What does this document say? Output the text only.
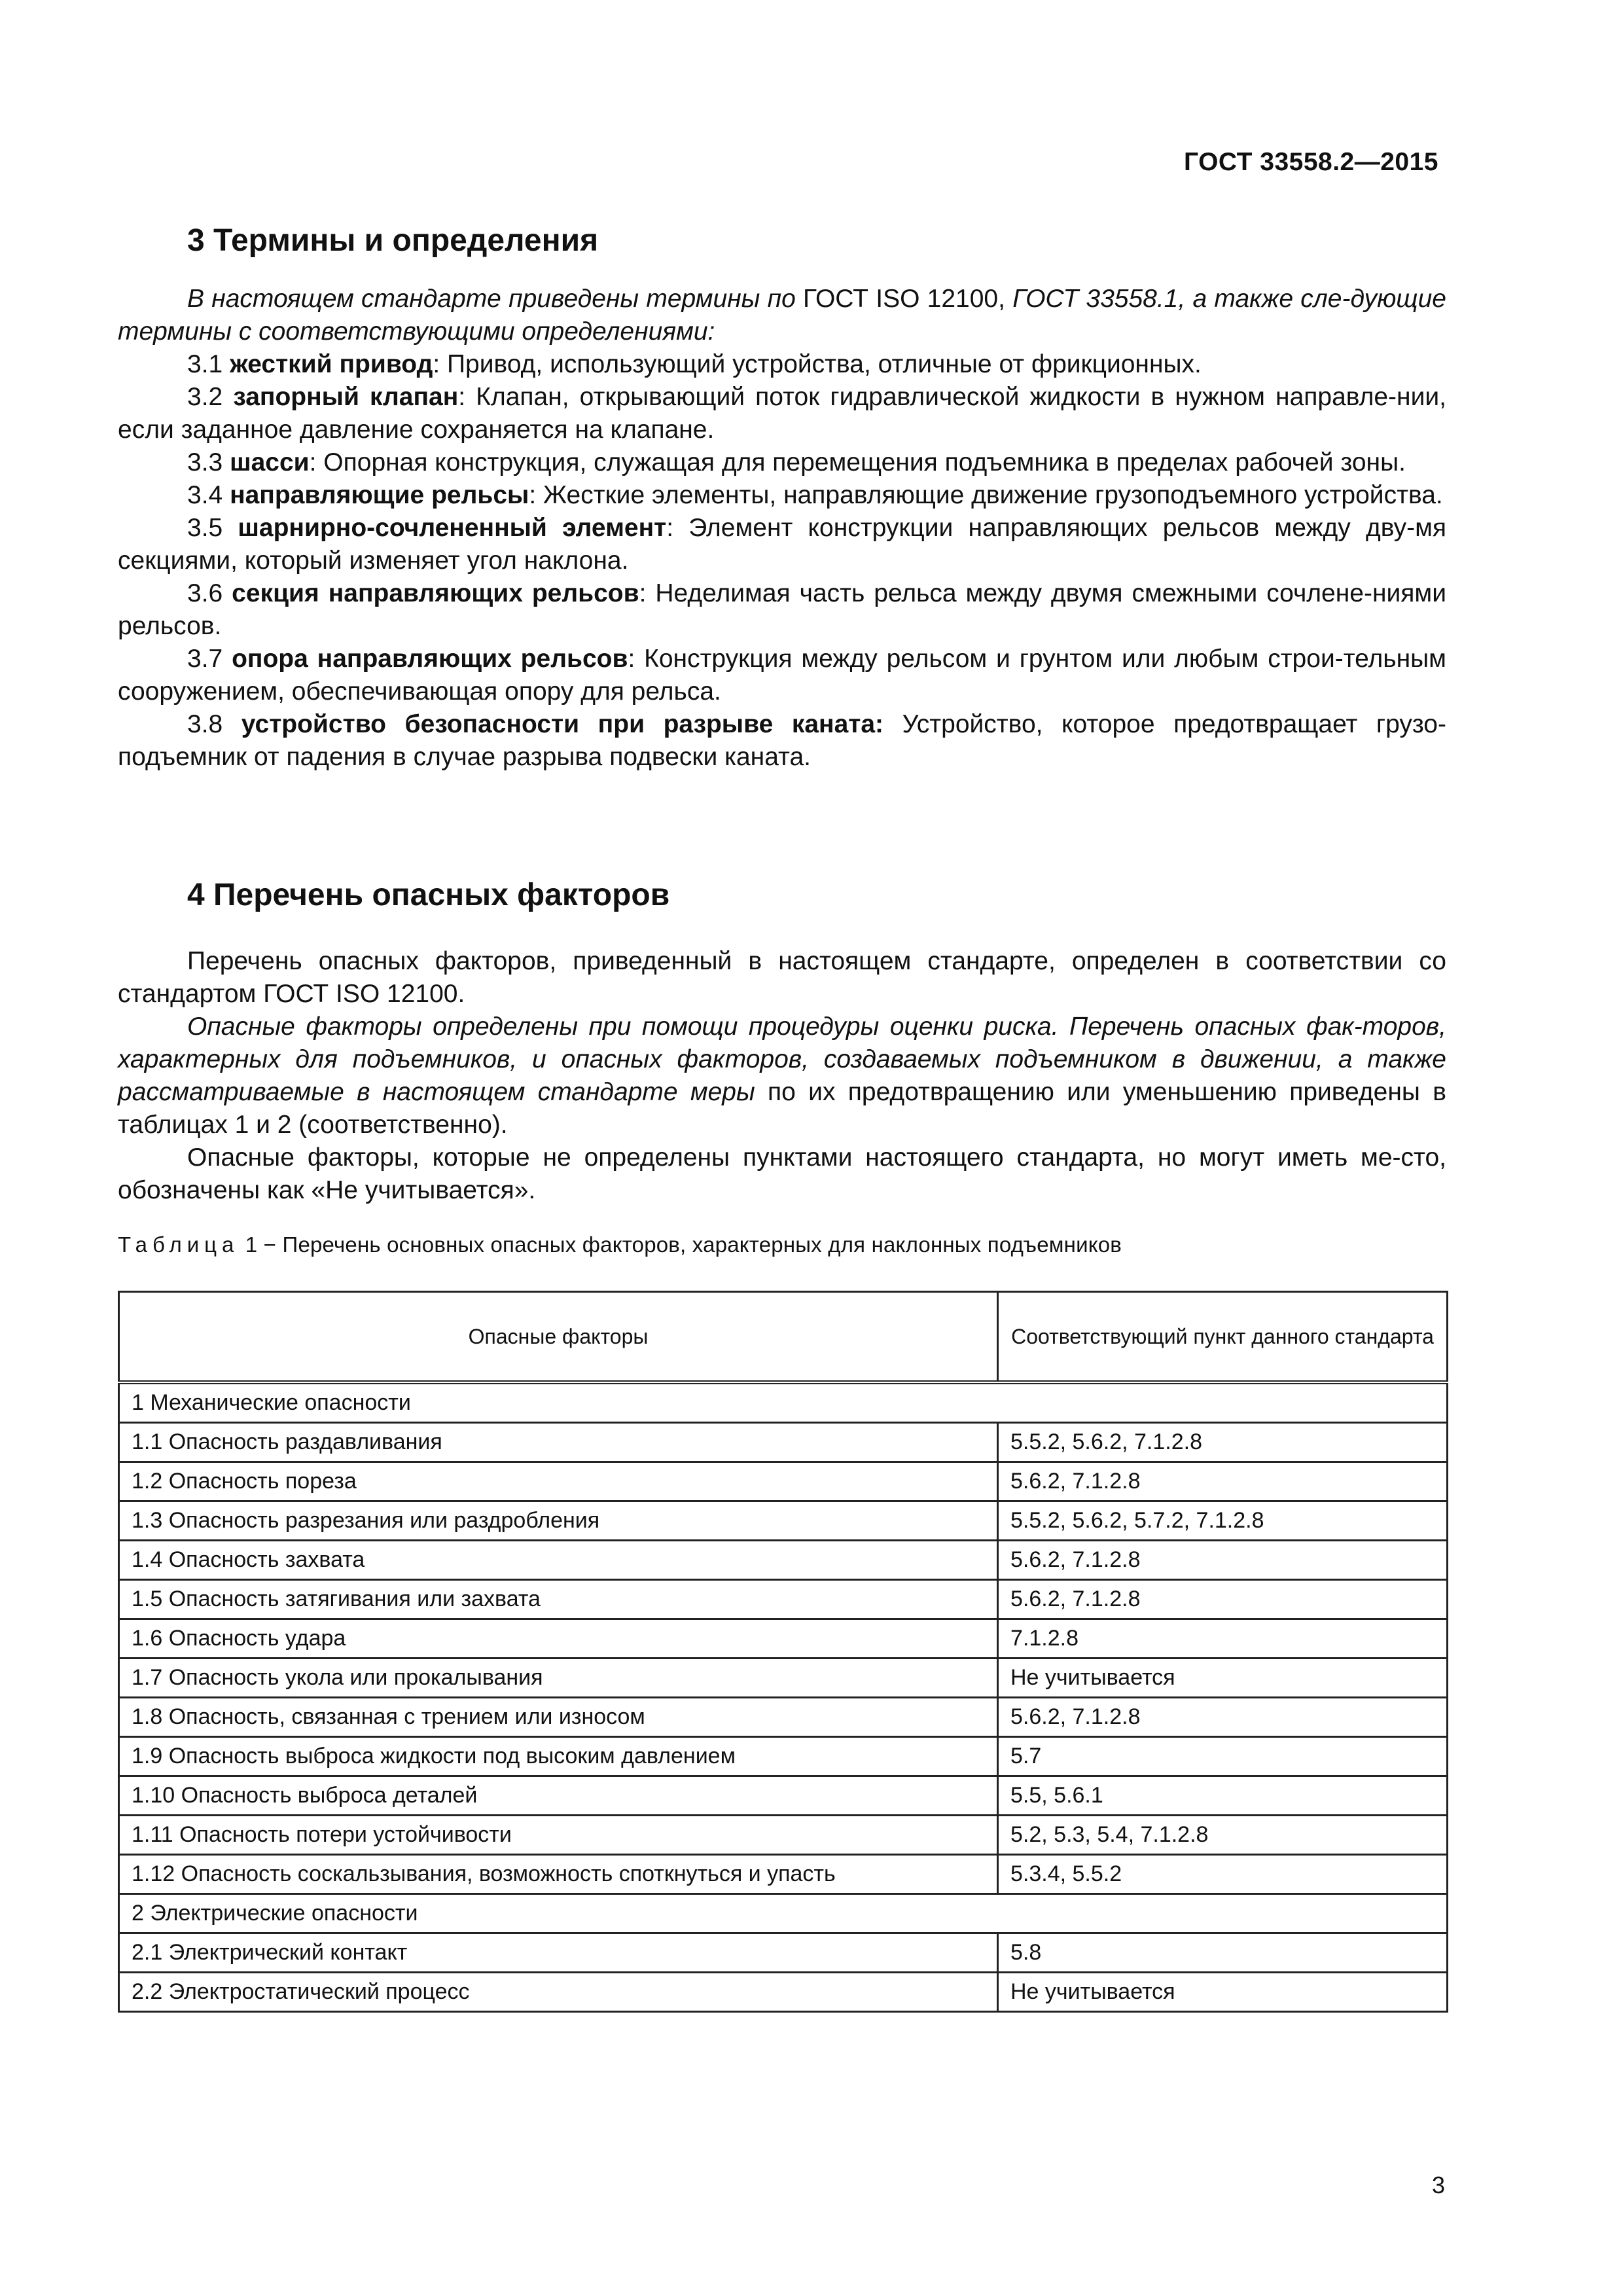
ГОСТ 33558.2—2015
3 Термины и определения

В настоящем стандарте приведены термины по ГОСТ ISO 12100, ГОСТ 33558.1, а также сле-дующие термины с соответствующими определениями:

3.1 жесткий привод: Привод, использующий устройства, отличные от фрикционных.

3.2 запорный клапан: Клапан, открывающий поток гидравлической жидкости в нужном направле-нии, если заданное давление сохраняется на клапане.

3.3 шасси: Опорная конструкция, служащая для перемещения подъемника в пределах рабочей зоны.

3.4 направляющие рельсы: Жесткие элементы, направляющие движение грузоподъемного устройства.

3.5 шарнирно-сочлененный элемент: Элемент конструкции направляющих рельсов между дву-мя секциями, который изменяет угол наклона.

3.6 секция направляющих рельсов: Неделимая часть рельса между двумя смежными сочлене-ниями рельсов.

3.7 опора направляющих рельсов: Конструкция между рельсом и грунтом или любым строи-тельным сооружением, обеспечивающая опору для рельса.

3.8 устройство безопасности при разрыве каната: Устройство, которое предотвращает грузо-подъемник от падения в случае разрыва подвески каната.

4 Перечень опасных факторов

Перечень опасных факторов, приведенный в настоящем стандарте, определен в соответствии со стандартом ГОСТ ISO 12100.

Опасные факторы определены при помощи процедуры оценки риска. Перечень опасных фак-торов, характерных для подъемников, и опасных факторов, создаваемых подъемником в движении, а также рассматриваемые в настоящем стандарте меры по их предотвращению или уменьшению приведены в таблицах 1 и 2 (соответственно).

Опасные факторы, которые не определены пунктами настоящего стандарта, но могут иметь ме-сто, обозначены как «Не учитывается».

Таблица 1 − Перечень основных опасных факторов, характерных для наклонных подъемников
Опасные факторы	Соответствующий пункт данного стандарта
1 Механические опасности	
1.1 Опасность раздавливания	5.5.2, 5.6.2, 7.1.2.8
1.2 Опасность пореза	5.6.2, 7.1.2.8
1.3 Опасность разрезания или раздробления	5.5.2, 5.6.2, 5.7.2, 7.1.2.8
1.4 Опасность захвата	5.6.2, 7.1.2.8
1.5 Опасность затягивания или захвата	5.6.2, 7.1.2.8
1.6 Опасность удара	7.1.2.8
1.7 Опасность укола или прокалывания	Не учитывается
1.8 Опасность, связанная с трением или износом	5.6.2, 7.1.2.8
1.9 Опасность выброса жидкости под высоким давлением	5.7
1.10 Опасность выброса деталей	5.5, 5.6.1
1.11 Опасность потери устойчивости	5.2, 5.3, 5.4, 7.1.2.8
1.12 Опасность соскальзывания, возможность споткнуться и упасть	5.3.4, 5.5.2
2 Электрические опасности	
2.1 Электрический контакт	5.8
2.2 Электростатический процесс	Не учитывается
3
